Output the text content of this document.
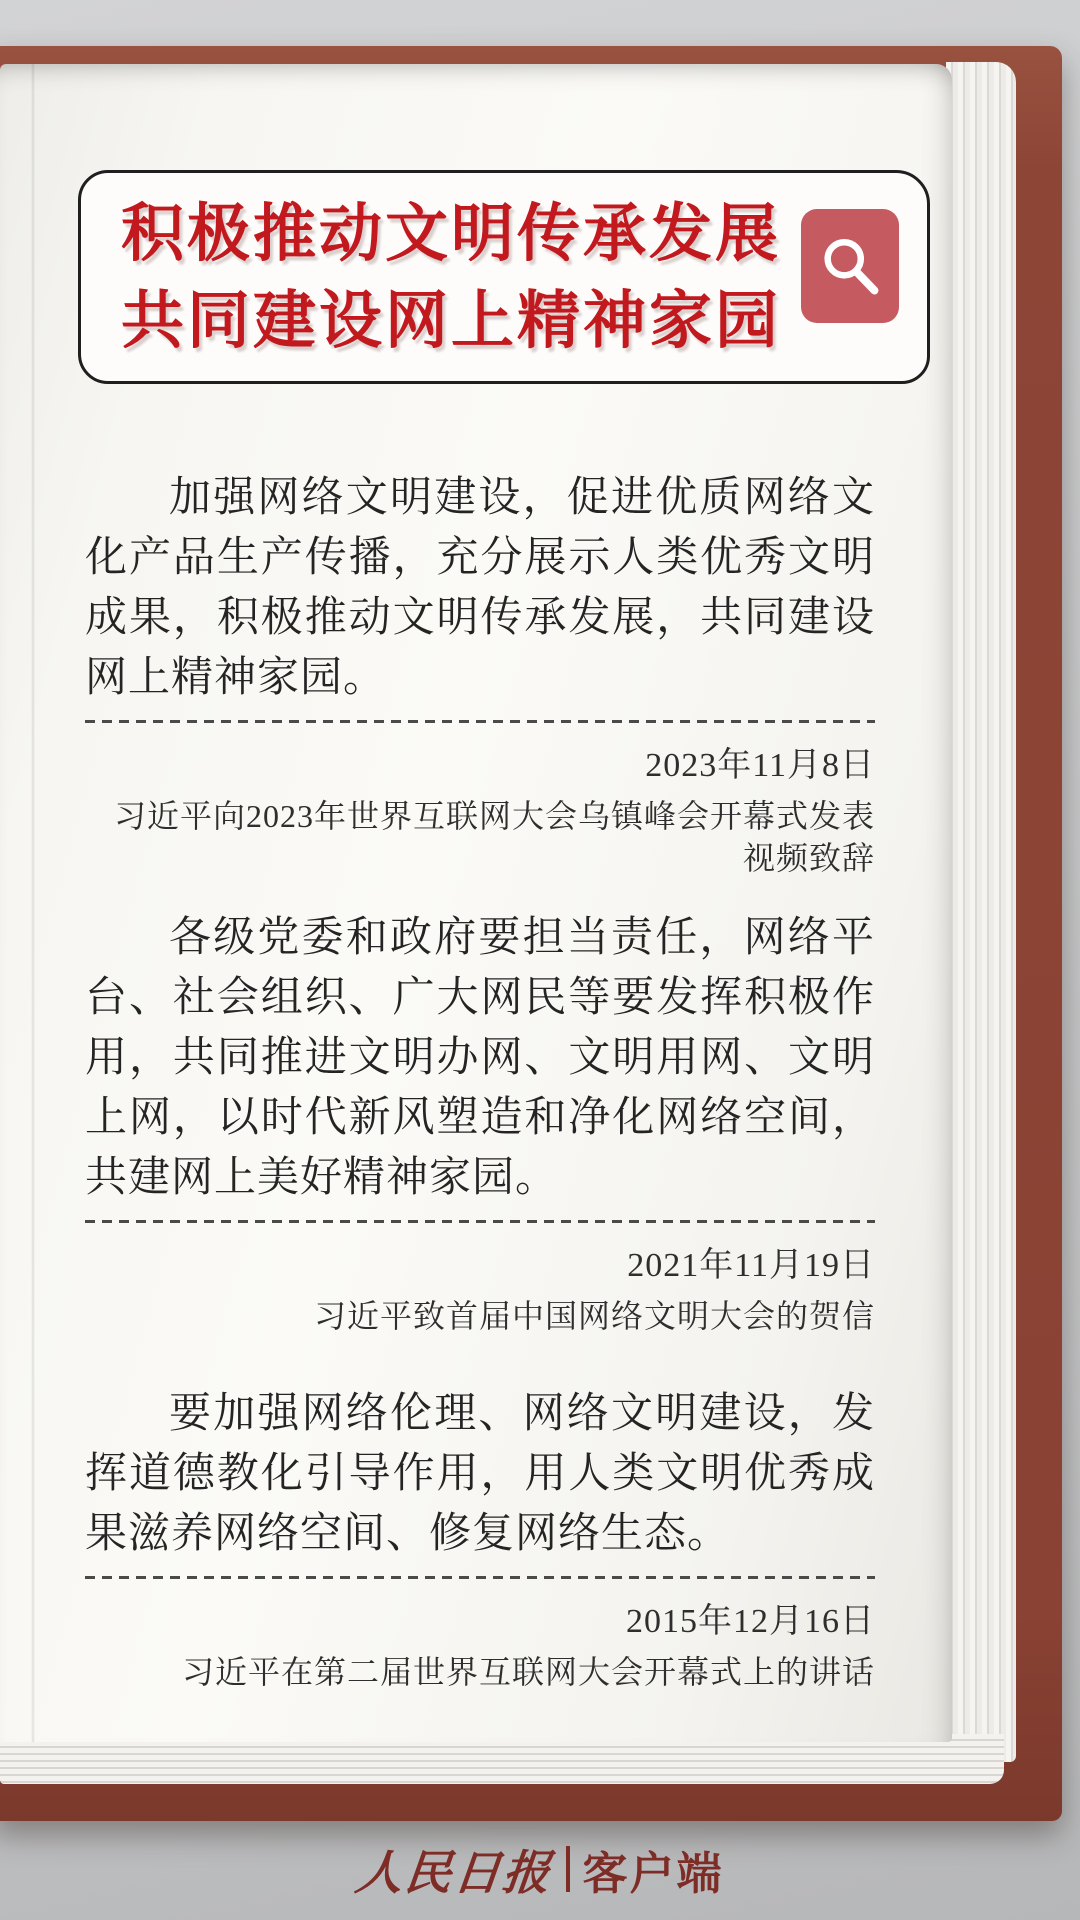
积极推动文明传承发展
共同建设网上精神家园

加强网络文明建设，促进优质网络文化产品生产传播，充分展示人类优秀文明成果，积极推动文明传承发展，共同建设网上精神家园。

2023年11月8日
习近平向2023年世界互联网大会乌镇峰会开幕式发表视频致辞

各级党委和政府要担当责任，网络平台、社会组织、广大网民等要发挥积极作用，共同推进文明办网、文明用网、文明上网，以时代新风塑造和净化网络空间，共建网上美好精神家园。

2021年11月19日
习近平致首届中国网络文明大会的贺信

要加强网络伦理、网络文明建设，发挥道德教化引导作用，用人类文明优秀成果滋养网络空间、修复网络生态。

2015年12月16日
习近平在第二届世界互联网大会开幕式上的讲话
人民日报 客户端
